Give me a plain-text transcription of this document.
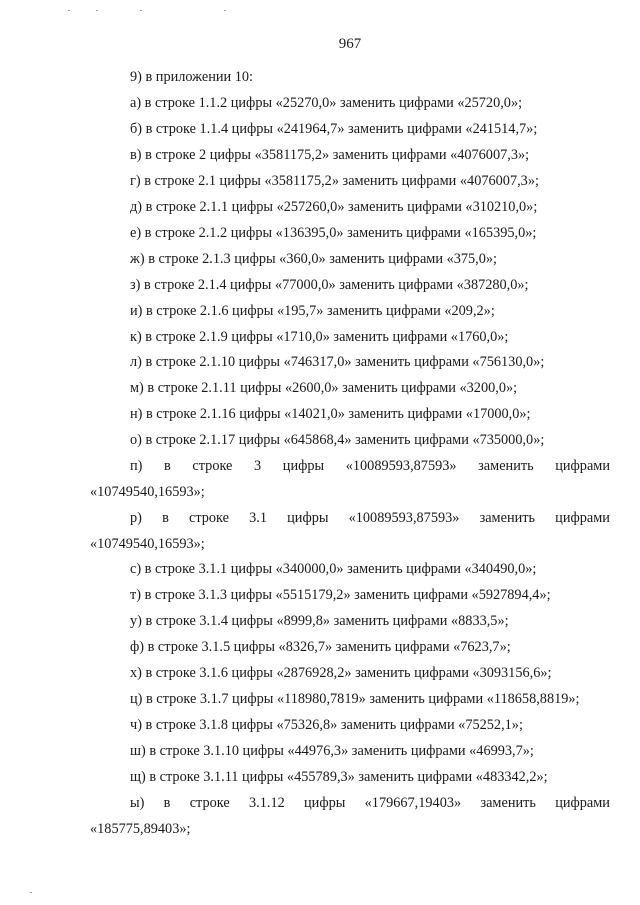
967
9) в приложении 10:
а) в строке 1.1.2 цифры «25270,0» заменить цифрами «25720,0»;
б) в строке 1.1.4 цифры «241964,7» заменить цифрами «241514,7»;
в) в строке 2 цифры «3581175,2» заменить цифрами «4076007,3»;
г) в строке 2.1 цифры «3581175,2» заменить цифрами «4076007,3»;
д) в строке 2.1.1 цифры «257260,0» заменить цифрами «310210,0»;
е) в строке 2.1.2 цифры «136395,0» заменить цифрами «165395,0»;
ж) в строке 2.1.3 цифры «360,0» заменить цифрами «375,0»;
з) в строке 2.1.4 цифры «77000,0» заменить цифрами «387280,0»;
и) в строке 2.1.6 цифры «195,7» заменить цифрами «209,2»;
к) в строке 2.1.9 цифры «1710,0» заменить цифрами «1760,0»;
л) в строке 2.1.10 цифры «746317,0» заменить цифрами «756130,0»;
м) в строке 2.1.11 цифры «2600,0» заменить цифрами «3200,0»;
н) в строке 2.1.16 цифры «14021,0» заменить цифрами «17000,0»;
о) в строке 2.1.17 цифры «645868,4» заменить цифрами «735000,0»;
п) в строке 3 цифры «10089593,87593» заменить цифрами
«10749540,16593»;
р) в строке 3.1 цифры «10089593,87593» заменить цифрами
«10749540,16593»;
с) в строке 3.1.1 цифры «340000,0» заменить цифрами «340490,0»;
т) в строке 3.1.3 цифры «5515179,2» заменить цифрами «5927894,4»;
у) в строке 3.1.4 цифры «8999,8» заменить цифрами «8833,5»;
ф) в строке 3.1.5 цифры «8326,7» заменить цифрами «7623,7»;
х) в строке 3.1.6 цифры «2876928,2» заменить цифрами «3093156,6»;
ц) в строке 3.1.7 цифры «118980,7819» заменить цифрами «118658,8819»;
ч) в строке 3.1.8 цифры «75326,8» заменить цифрами «75252,1»;
ш) в строке 3.1.10 цифры «44976,3» заменить цифрами «46993,7»;
щ) в строке 3.1.11 цифры «455789,3» заменить цифрами «483342,2»;
ы) в строке 3.1.12 цифры «179667,19403» заменить цифрами
«185775,89403»;
